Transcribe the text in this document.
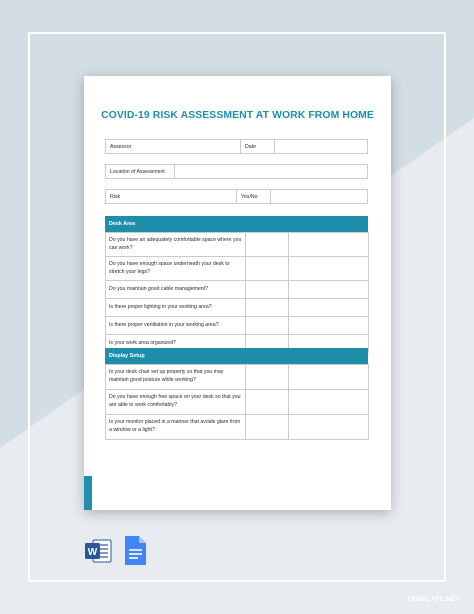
COVID-19 RISK ASSESSMENT AT WORK FROM HOME
Assessor	Date
Location of Assessment
Risk	Yes/No
Desk Area
Do you have an adequately comfortable space where you can work?		
Do you have enough space underneath your desk to stretch your legs?		
Do you maintain good cable management?		
Is there proper lighting in your working area?		
Is there proper ventilation in your working area?		
Is your work area organized?		
Display Setup
Is your desk chair set up properly so that you may maintain good posture while working?		
Do you have enough free space on your desk so that you are able to work comfortably?		
Is your monitor placed in a manner that avoids glare from a window or a light?		
W
TEMPLATE.NET
